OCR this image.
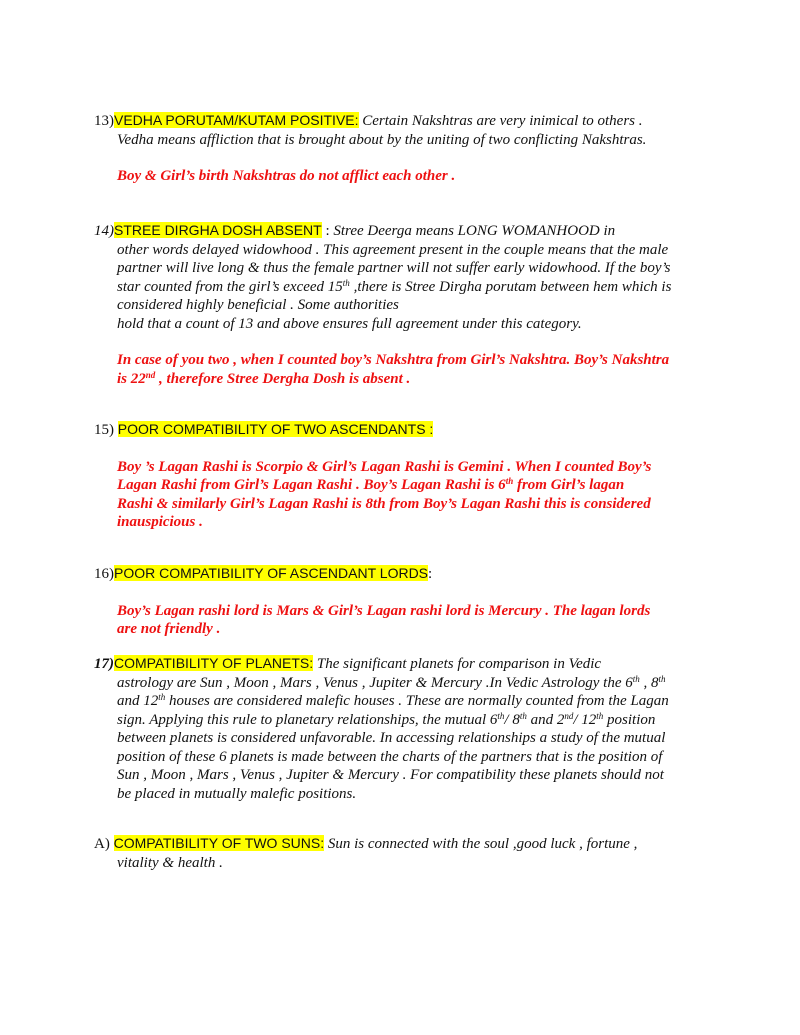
13)VEDHA PORUTAM/KUTAM POSITIVE: Certain Nakshtras are very inimical to others .
Vedha means affliction that is brought about by the uniting of two conflicting Nakshtras.
Boy & Girl’s birth Nakshtras do not afflict each other .
14)STREE DIRGHA DOSH ABSENT : Stree Deerga means LONG WOMANHOOD in
other words delayed widowhood . This agreement present in the couple means that the male
partner will live long & thus the female partner will not suffer early widowhood. If the boy’s
star counted from the girl’s exceed 15th ,there is Stree Dirgha porutam between hem which is
considered highly beneficial . Some authorities
hold that a count of 13 and above ensures full agreement under this category.
In case of you two , when I counted boy’s Nakshtra from Girl’s Nakshtra. Boy’s Nakshtra
is 22nd , therefore Stree Dergha Dosh is absent .
15) POOR COMPATIBILITY OF TWO ASCENDANTS :
Boy ’s Lagan Rashi is Scorpio & Girl’s Lagan Rashi is Gemini . When I counted Boy’s
Lagan Rashi from Girl’s Lagan Rashi . Boy’s Lagan Rashi is 6th from Girl’s lagan
Rashi & similarly Girl’s Lagan Rashi is 8th from Boy’s Lagan Rashi this is considered
inauspicious .
16)POOR COMPATIBILITY OF ASCENDANT LORDS:
Boy’s Lagan rashi lord is Mars & Girl’s Lagan rashi lord is Mercury . The lagan lords
are not friendly .
17)COMPATIBILITY OF PLANETS: The significant planets for comparison in Vedic
astrology are Sun , Moon , Mars , Venus , Jupiter & Mercury .In Vedic Astrology the 6th , 8th
and 12th houses are considered malefic houses . These are normally counted from the Lagan
sign. Applying this rule to planetary relationships, the mutual 6th/ 8th and 2nd/ 12th position
between planets is considered unfavorable. In accessing relationships a study of the mutual
position of these 6 planets is made between the charts of the partners that is the position of
Sun , Moon , Mars , Venus , Jupiter & Mercury . For compatibility these planets should not
be placed in mutually malefic positions.
A) COMPATIBILITY OF TWO SUNS: Sun is connected with the soul ,good luck , fortune ,
vitality & health .
